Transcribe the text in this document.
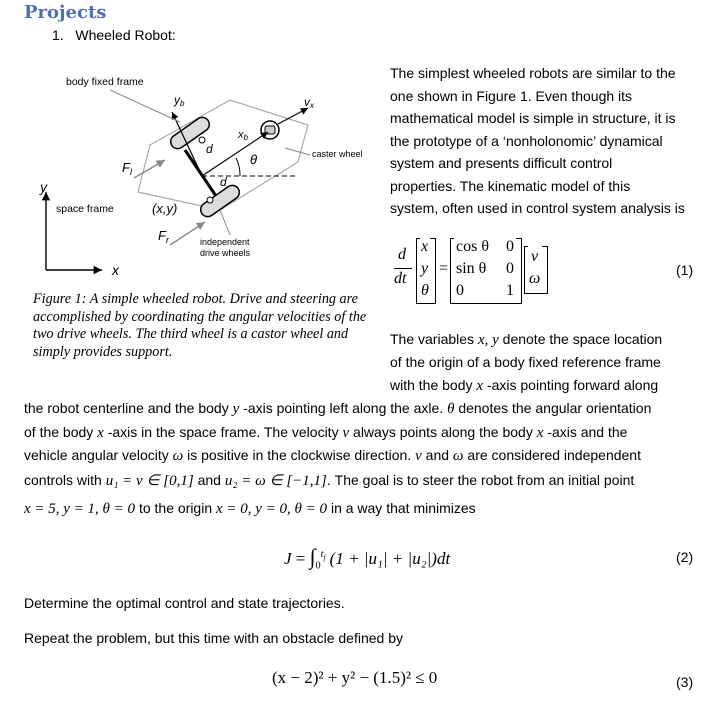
Projects
1. Wheeled Robot:
body fixed frame
space frame
caster wheel
independent
drive wheels
yb
xb
vx
d
d
θ
$F_l$
$F_r$
(x,y)
y
x
Figure 1: A simple wheeled robot. Drive and steering are accomplished by coordinating the angular velocities of the two drive wheels. The third wheel is a castor wheel and simply provides support.
The simplest wheeled robots are similar to the
one shown in Figure 1. Even though its
mathematical model is simple in structure, it is
the prototype of a ‘nonholonomic’ dynamical
system and presents difficult control
properties. The kinematic model of this
system, often used in control system analysis is
d
dt
x
y
θ
=
cos θ 0
sin θ 0
0	1
v
ω	(1)
The variables x, y denote the space location
of the origin of a body fixed reference frame
with the body x -axis pointing forward along
the robot centerline and the body y -axis pointing left along the axle. θ denotes the angular orientation
of the body x -axis in the space frame. The velocity v always points along the body x -axis and the
vehicle angular velocity ω is positive in the clockwise direction. v and ω are considered independent
controls with u₁ = v ∈ [0,1] and u₂ = ω ∈ [−1,1]. The goal is to steer the robot from an initial point
x = 5, y = 1, θ = 0 to the origin x = 0, y = 0, θ = 0 in a way that minimizes
$J = \int_0^{t_f}$ (1 + |u₁| + |u₂|)dt	(2)
Determine the optimal control and state trajectories.
Repeat the problem, but this time with an obstacle defined by
(x − 2)² + y² − (1.5)² ≤ 0	(3)
